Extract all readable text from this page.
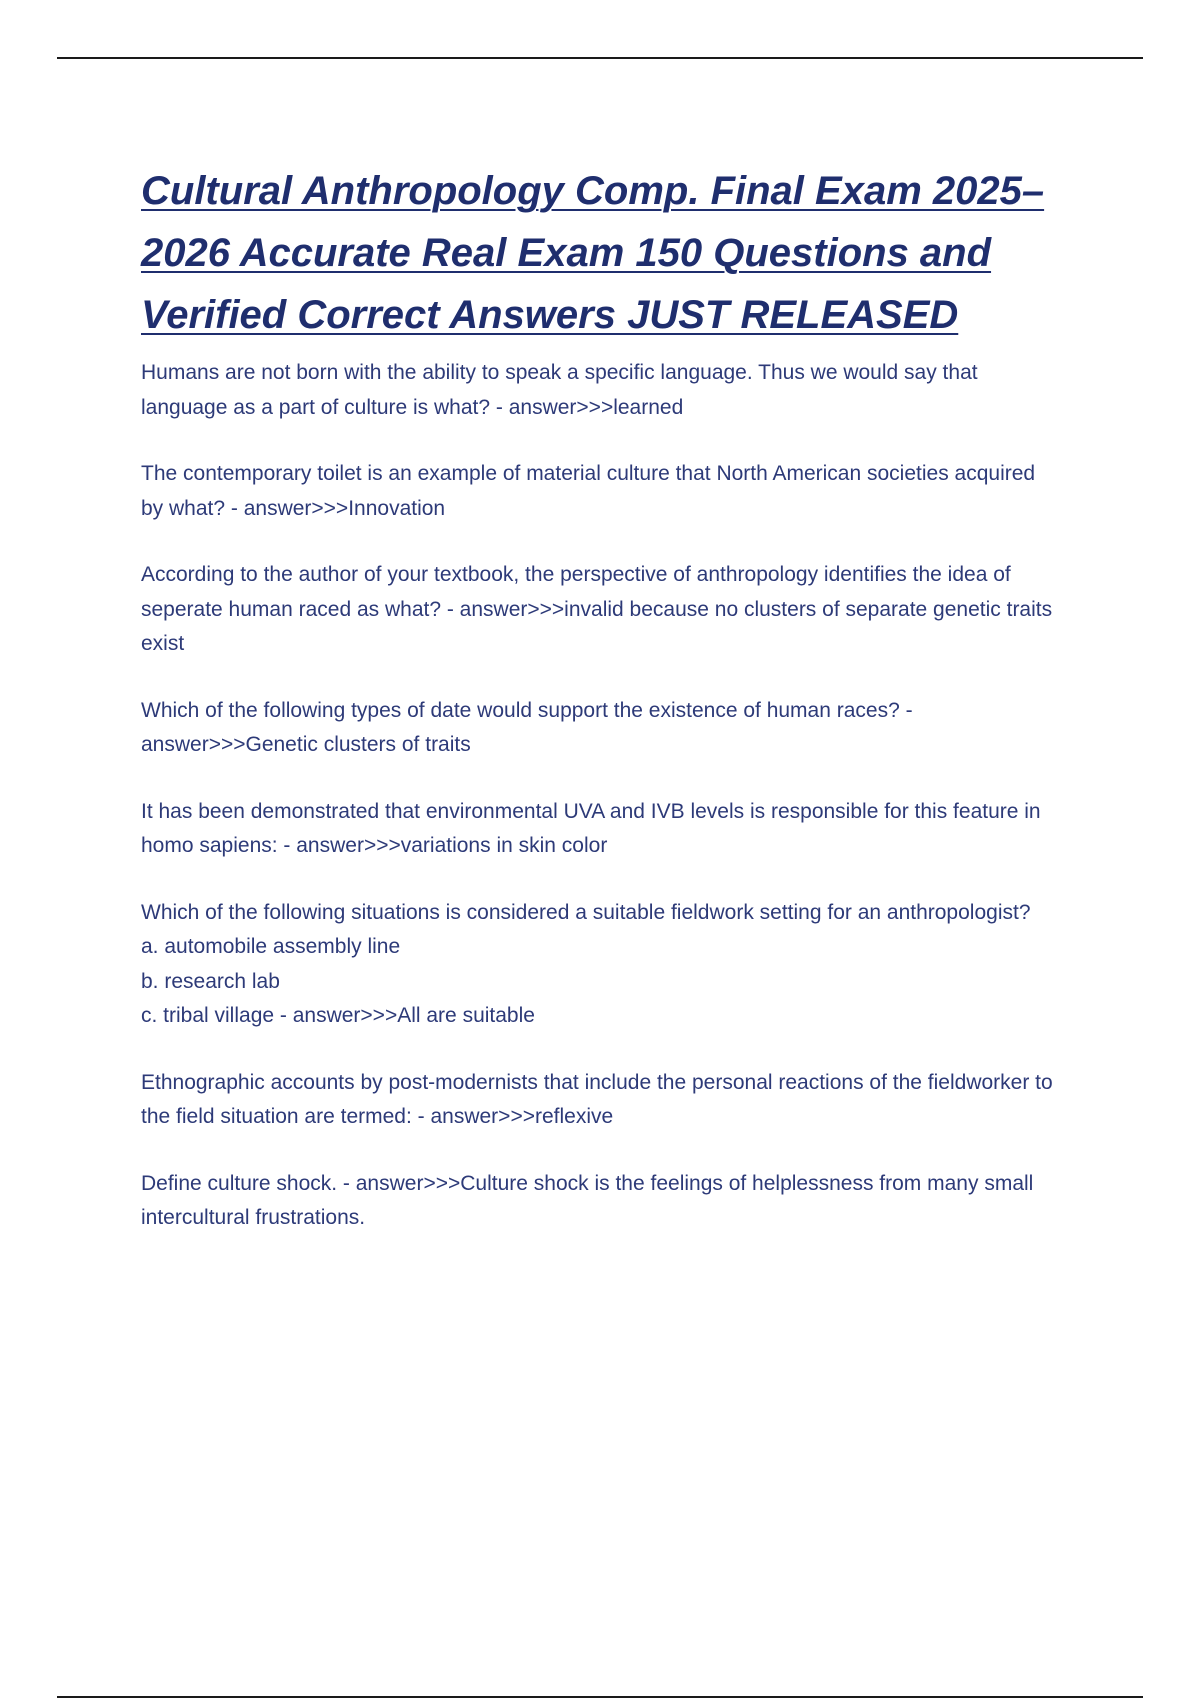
Cultural Anthropology Comp. Final Exam 2025–2026 Accurate Real Exam 150 Questions and Verified Correct Answers JUST RELEASED

Humans are not born with the ability to speak a specific language. Thus we would say that language as a part of culture is what? - answer>>>learned

The contemporary toilet is an example of material culture that North American societies acquired by what? - answer>>>Innovation

According to the author of your textbook, the perspective of anthropology identifies the idea of seperate human raced as what? - answer>>>invalid because no clusters of separate genetic traits exist

Which of the following types of date would support the existence of human races? - answer>>>Genetic clusters of traits

It has been demonstrated that environmental UVA and IVB levels is responsible for this feature in homo sapiens: - answer>>>variations in skin color

Which of the following situations is considered a suitable fieldwork setting for an anthropologist?
a. automobile assembly line
b. research lab
c. tribal village - answer>>>All are suitable

Ethnographic accounts by post-modernists that include the personal reactions of the fieldworker to the field situation are termed: - answer>>>reflexive

Define culture shock. - answer>>>Culture shock is the feelings of helplessness from many small intercultural frustrations.
